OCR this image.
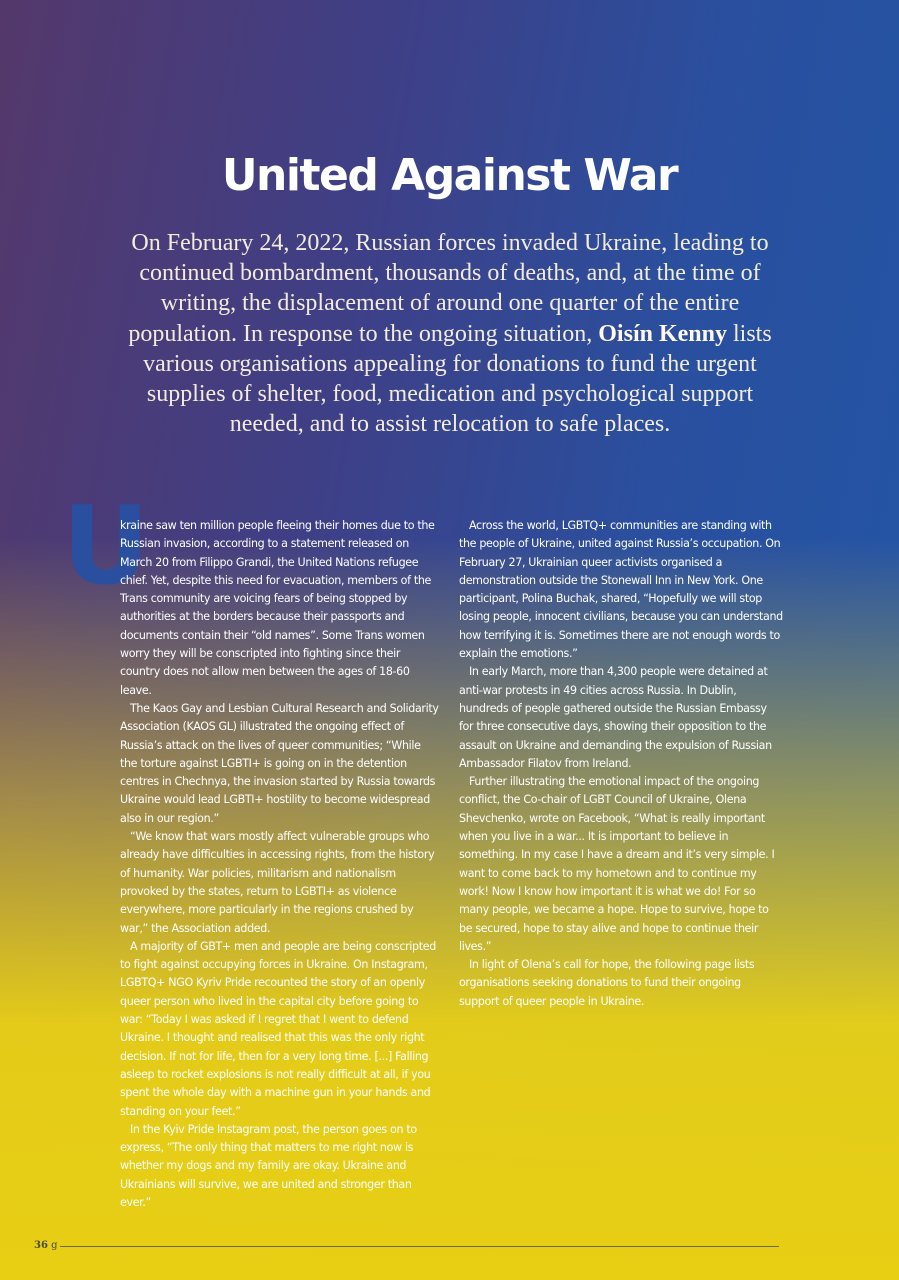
United Against War

On February 24, 2022, Russian forces invaded Ukraine, leading to continued bombardment, thousands of deaths, and, at the time of writing, the displacement of around one quarter of the entire population. In response to the ongoing situation, Oisín Kenny lists various organisations appealing for donations to fund the urgent supplies of shelter, food, medication and psychological support needed, and to assist relocation to safe places.

U

kraine saw ten million people fleeing their homes due to the Russian invasion, according to a statement released on March 20 from Filippo Grandi, the United Nations refugee chief. Yet, despite this need for evacuation, members of the Trans community are voicing fears of being stopped by authorities at the borders because their passports and documents contain their “old names”. Some Trans women worry they will be conscripted into fighting since their country does not allow men between the ages of 18-60 leave.

The Kaos Gay and Lesbian Cultural Research and Solidarity Association (KAOS GL) illustrated the ongoing effect of Russia’s attack on the lives of queer communities; “While the torture against LGBTI+ is going on in the detention centres in Chechnya, the invasion started by Russia towards Ukraine would lead LGBTI+ hostility to become widespread also in our region.”

“We know that wars mostly affect vulnerable groups who already have difficulties in accessing rights, from the history of humanity. War policies, militarism and nationalism provoked by the states, return to LGBTI+ as violence everywhere, more particularly in the regions crushed by war,” the Association added.

A majority of GBT+ men and people are being conscripted to fight against occupying forces in Ukraine. On Instagram, LGBTQ+ NGO Kyriv Pride recounted the story of an openly queer person who lived in the capital city before going to war: “Today I was asked if I regret that I went to defend Ukraine. I thought and realised that this was the only right decision. If not for life, then for a very long time. [...] Falling asleep to rocket explosions is not really difficult at all, if you spent the whole day with a machine gun in your hands and standing on your feet.”

In the Kyiv Pride Instagram post, the person goes on to express, “The only thing that matters to me right now is whether my dogs and my family are okay. Ukraine and Ukrainians will survive, we are united and stronger than ever.”

Across the world, LGBTQ+ communities are standing with the people of Ukraine, united against Russia’s occupation. On February 27, Ukrainian queer activists organised a demonstration outside the Stonewall Inn in New York. One participant, Polina Buchak, shared, “Hopefully we will stop losing people, innocent civilians, because you can understand how terrifying it is. Sometimes there are not enough words to explain the emotions.”

In early March, more than 4,300 people were detained at anti-war protests in 49 cities across Russia. In Dublin, hundreds of people gathered outside the Russian Embassy for three consecutive days, showing their opposition to the assault on Ukraine and demanding the expulsion of Russian Ambassador Filatov from Ireland.

Further illustrating the emotional impact of the ongoing conflict, the Co-chair of LGBT Council of Ukraine, Olena Shevchenko, wrote on Facebook, “What is really important when you live in a war... It is important to believe in something. In my case I have a dream and it’s very simple. I want to come back to my hometown and to continue my work! Now I know how important it is what we do! For so many people, we became a hope. Hope to survive, hope to be secured, hope to stay alive and hope to continue their lives.”

In light of Olena’s call for hope, the following page lists organisations seeking donations to fund their ongoing support of queer people in Ukraine.

36 g
